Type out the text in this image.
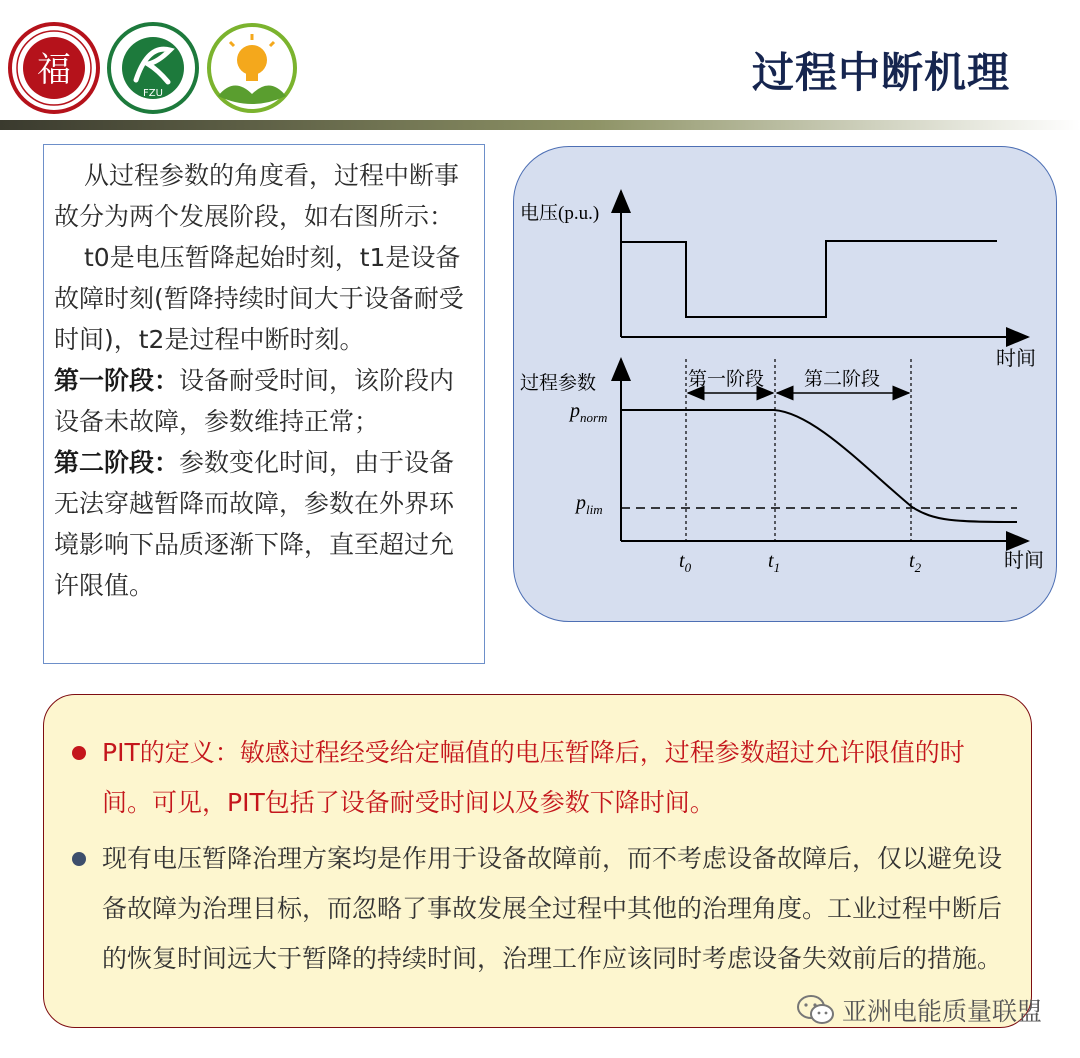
福
FZU	过程中断机理

从过程参数的角度看，过程中断事故分为两个发展阶段，如右图所示：

t0是电压暂降起始时刻，t1是设备故障时刻(暂降持续时间大于设备耐受时间)，t2是过程中断时刻。

第一阶段：设备耐受时间，该阶段内设备未故障，参数维持正常；

第二阶段：参数变化时间，由于设备无法穿越暂降而故障，参数在外界环境影响下品质逐渐下降，直至超过允许限值。

电压(p.u.)
时间
过程参数
$p_{norm}$
$p_{lim}$
第一阶段 第二阶段
$t_0$	$t_1$	$t_2$	时间
PIT的定义：敏感过程经受给定幅值的电压暂降后，过程参数超过允许限值的时间。可见，PIT包括了设备耐受时间以及参数下降时间。
现有电压暂降治理方案均是作用于设备故障前，而不考虑设备故障后，仅以避免设备故障为治理目标，而忽略了事故发展全过程中其他的治理角度。工业过程中断后的恢复时间远大于暂降的持续时间，治理工作应该同时考虑设备失效前后的措施。
亚洲电能质量联盟
